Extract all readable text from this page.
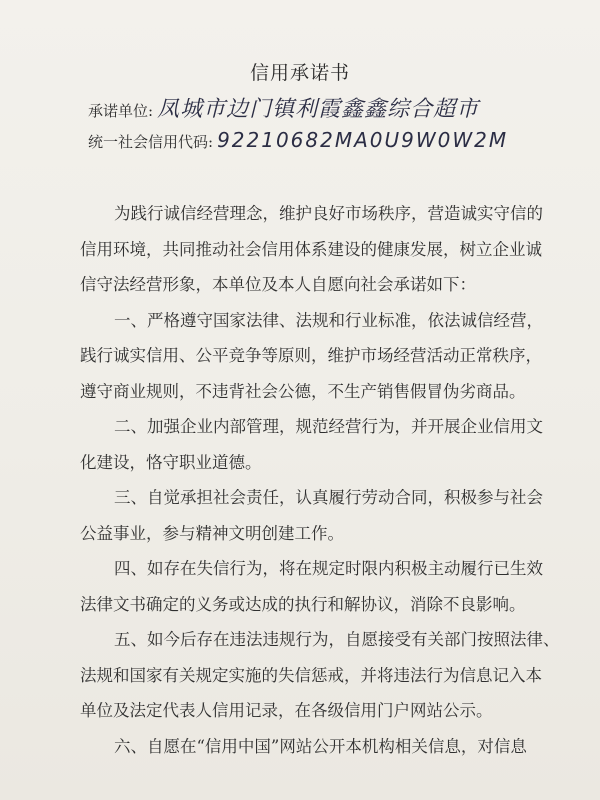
信用承诺书
承诺单位: 凤城市边门镇利霞鑫鑫综合超市
统一社会信用代码: 92210682MA0U9W0W2M
为践行诚信经营理念，维护良好市场秩序，营造诚实守信的
信用环境，共同推动社会信用体系建设的健康发展，树立企业诚
信守法经营形象，本单位及本人自愿向社会承诺如下：
一、严格遵守国家法律、法规和行业标准，依法诚信经营，
践行诚实信用、公平竞争等原则，维护市场经营活动正常秩序，
遵守商业规则，不违背社会公德，不生产销售假冒伪劣商品。
二、加强企业内部管理，规范经营行为，并开展企业信用文
化建设，恪守职业道德。
三、自觉承担社会责任，认真履行劳动合同，积极参与社会
公益事业，参与精神文明创建工作。
四、如存在失信行为，将在规定时限内积极主动履行已生效
法律文书确定的义务或达成的执行和解协议，消除不良影响。
五、如今后存在违法违规行为，自愿接受有关部门按照法律、
法规和国家有关规定实施的失信惩戒，并将违法行为信息记入本
单位及法定代表人信用记录，在各级信用门户网站公示。
六、自愿在“信用中国”网站公开本机构相关信息，对信息
